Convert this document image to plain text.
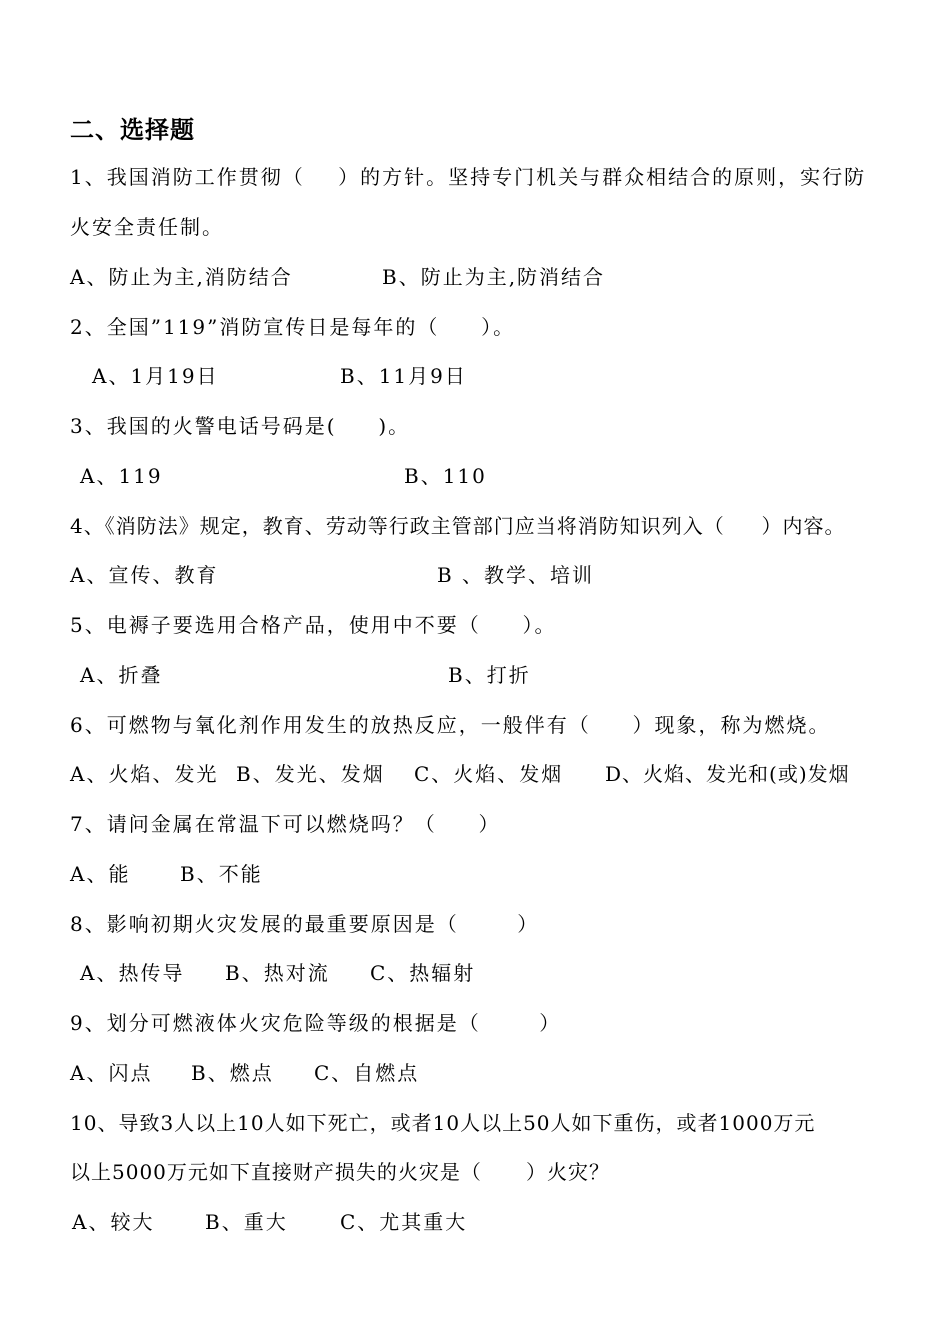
二、选择题
1、我国消防工作贯彻（    ）的方针。坚持专门机关与群众相结合的原则，实行防
火安全责任制。
A、防止为主,消防结合	B、防止为主,防消结合
2、全国”119”消防宣传日是每年的（     ）。
A、1月19日	B、11月9日
3、我国的火警电话号码是(     )。
A、119	B、110
4、《消防法》规定，教育、劳动等行政主管部门应当将消防知识列入（     ）内容。
A、宣传、教育	B 、教学、培训
5、电褥子要选用合格产品，使用中不要（     ）。
A、折叠	B、打折
6、可燃物与氧化剂作用发生的放热反应，一般伴有（     ）现象，称为燃烧。
A、火焰、发光 B、发光、发烟 C、火焰、发烟 D、火焰、发光和(或)发烟
7、请问金属在常温下可以燃烧吗？（     ）
A、能 B、不能
8、影响初期火灾发展的最重要原因是（       ）
A、热传导 B、热对流 C、热辐射
9、划分可燃液体火灾危险等级的根据是（       ）
A、闪点 B、燃点 C、自燃点
10、导致3人以上10人如下死亡，或者10人以上50人如下重伤，或者1000万元
以上5000万元如下直接财产损失的火灾是（      ）火灾？
A、较大	B、重大	C、尤其重大
